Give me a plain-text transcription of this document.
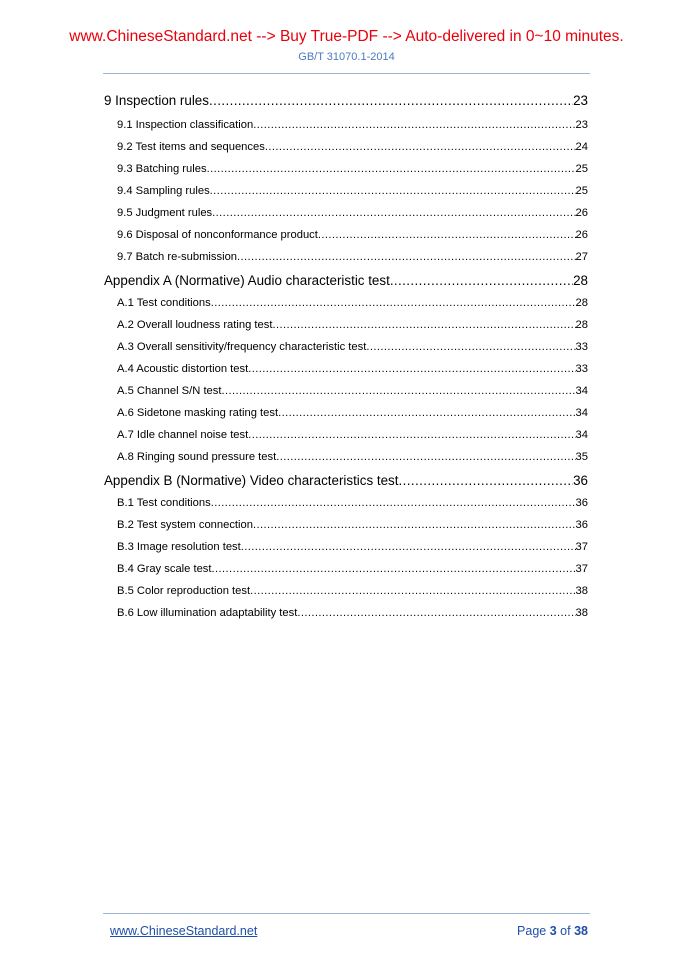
www.ChineseStandard.net --> Buy True-PDF --> Auto-delivered in 0~10 minutes.
GB/T 31070.1-2014
9 Inspection rules .....	23
9.1 Inspection classification .....	23
9.2 Test items and sequences .....	24
9.3 Batching rules .....	25
9.4 Sampling rules .....	25
9.5 Judgment rules .....	26
9.6 Disposal of nonconformance product .....	26
9.7 Batch re-submission .....	27
Appendix A (Normative) Audio characteristic test .....	28
A.1 Test conditions .....	28
A.2 Overall loudness rating test .....	28
A.3 Overall sensitivity/frequency characteristic test .....	33
A.4 Acoustic distortion test .....	33
A.5 Channel S/N test .....	34
A.6 Sidetone masking rating test .....	34
A.7 Idle channel noise test .....	34
A.8 Ringing sound pressure test .....	35
Appendix B (Normative) Video characteristics test .....	36
B.1 Test conditions .....	36
B.2 Test system connection .....	36
B.3 Image resolution test .....	37
B.4 Gray scale test .....	37
B.5 Color reproduction test .....	38
B.6 Low illumination adaptability test .....	38
www.ChineseStandard.net	Page 3 of 38
